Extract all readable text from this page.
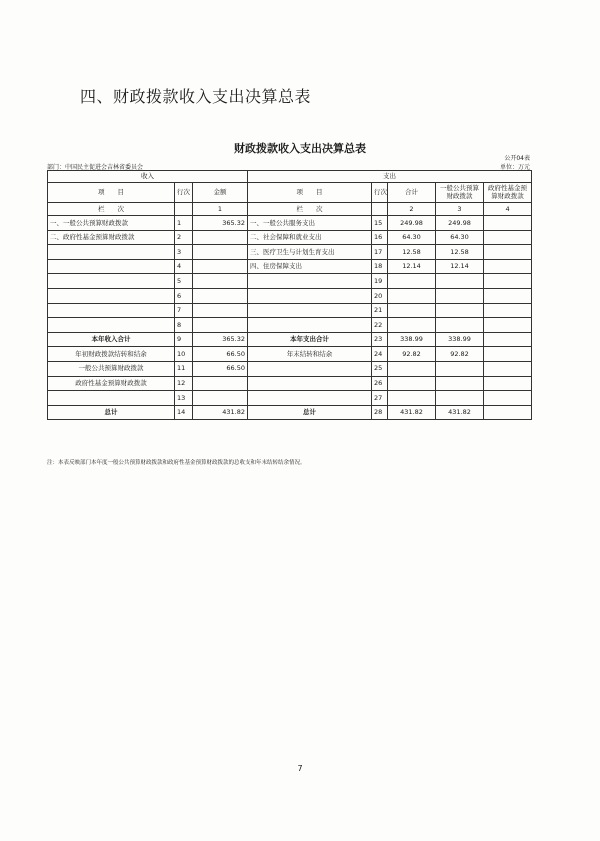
四、财政拨款收入支出决算总表
财政拨款收入支出决算总表
公开04表
单位：万元
部门：中国民主促进会吉林省委员会
收入			支出				
项　　目	行次	金额	项　　目	行次	合计	一般公共预算财政拨款	政府性基金预算财政拨款
栏　　次		1	栏　　次		2	3	4
一、一般公共预算财政拨款	1	365.32	一、一般公共服务支出	15	249.98	249.98	
二、政府性基金预算财政拨款	2		二、社会保障和就业支出	16	64.30	64.30	
	3		三、医疗卫生与计划生育支出	17	12.58	12.58	
	4		四、住房保障支出	18	12.14	12.14	
	5			19			
	6			20			
	7			21			
	8			22			
本年收入合计	9	365.32	本年支出合计	23	338.99	338.99	
年初财政拨款结转和结余	10	66.50	年末结转和结余	24	92.82	92.82	
一般公共预算财政拨款	11	66.50		25			
政府性基金预算财政拨款	12			26			
	13			27			
总计	14	431.82	总计	28	431.82	431.82	
注：本表反映部门本年度一般公共预算财政拨款和政府性基金预算财政拨款的总收支和年末结转结余情况。
7
